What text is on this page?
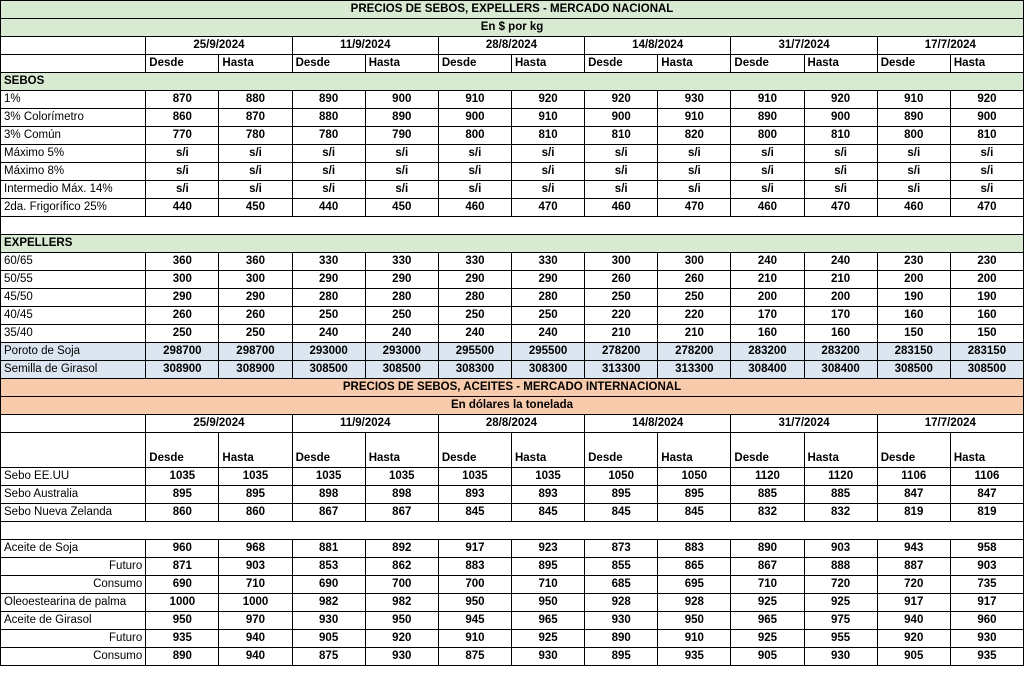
PRECIOS DE SEBOS, EXPELLERS - MERCADO NACIONAL												
En $ por kg												
	25/9/2024		11/9/2024		28/8/2024		14/8/2024		31/7/2024		17/7/2024	
	Desde	Hasta	Desde	Hasta	Desde	Hasta	Desde	Hasta	Desde	Hasta	Desde	Hasta
SEBOS												
1%	870	880	890	900	910	920	920	930	910	920	910	920
3% Colorímetro	860	870	880	890	900	910	900	910	890	900	890	900
3% Común	770	780	780	790	800	810	810	820	800	810	800	810
Máximo 5%	s/i	s/i	s/i	s/i	s/i	s/i	s/i	s/i	s/i	s/i	s/i	s/i
Máximo 8%	s/i	s/i	s/i	s/i	s/i	s/i	s/i	s/i	s/i	s/i	s/i	s/i
Intermedio Máx. 14%	s/i	s/i	s/i	s/i	s/i	s/i	s/i	s/i	s/i	s/i	s/i	s/i
2da. Frigorífico 25%	440	450	440	450	460	470	460	470	460	470	460	470

EXPELLERS												
60/65	360	360	330	330	330	330	300	300	240	240	230	230
50/55	300	300	290	290	290	290	260	260	210	210	200	200
45/50	290	290	280	280	280	280	250	250	200	200	190	190
40/45	260	260	250	250	250	250	220	220	170	170	160	160
35/40	250	250	240	240	240	240	210	210	160	160	150	150
Poroto de Soja	298700	298700	293000	293000	295500	295500	278200	278200	283200	283200	283150	283150
Semilla de Girasol	308900	308900	308500	308500	308300	308300	313300	313300	308400	308400	308500	308500
PRECIOS DE SEBOS, ACEITES - MERCADO INTERNACIONAL												
En dólares la tonelada												
	25/9/2024		11/9/2024		28/8/2024		14/8/2024		31/7/2024		17/7/2024	
	Desde	Hasta	Desde	Hasta	Desde	Hasta	Desde	Hasta	Desde	Hasta	Desde	Hasta
Sebo EE.UU	1035	1035	1035	1035	1035	1035	1050	1050	1120	1120	1106	1106
Sebo Australia	895	895	898	898	893	893	895	895	885	885	847	847
Sebo Nueva Zelanda	860	860	867	867	845	845	845	845	832	832	819	819

Aceite de Soja	960	968	881	892	917	923	873	883	890	903	943	958
Futuro	871	903	853	862	883	895	855	865	867	888	887	903
Consumo	690	710	690	700	700	710	685	695	710	720	720	735
Oleoestearina de palma	1000	1000	982	982	950	950	928	928	925	925	917	917
Aceite de Girasol	950	970	930	950	945	965	930	950	965	975	940	960
Futuro	935	940	905	920	910	925	890	910	925	955	920	930
Consumo	890	940	875	930	875	930	895	935	905	930	905	935
